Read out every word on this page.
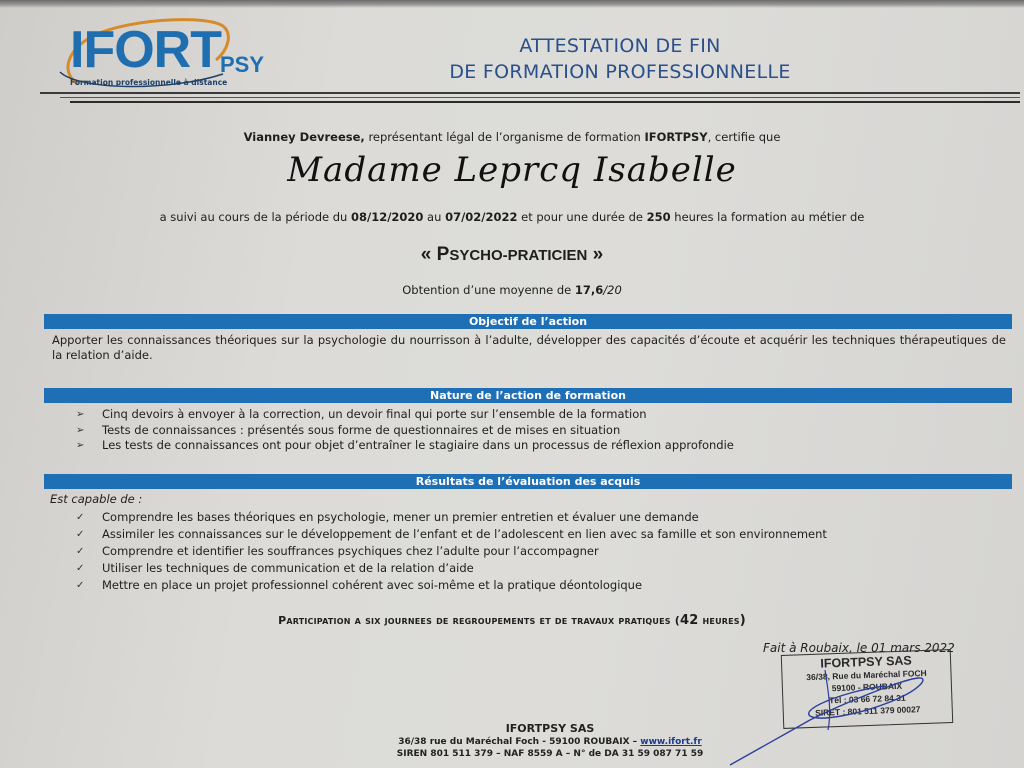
IFORT PSY
Formation professionnelle à distance
ATTESTATION DE FIN
DE FORMATION PROFESSIONNELLE
Vianney Devreese, représentant légal de l’organisme de formation IFORTPSY, certifie que
Madame Leprcq Isabelle
a suivi au cours de la période du 08/12/2020 au 07/02/2022 et pour une durée de 250 heures la formation au métier de
« PSYCHO-PRATICIEN »
Obtention d’une moyenne de 17,6/20
Objectif de l’action
Apporter les connaissances théoriques sur la psychologie du nourrisson à l’adulte, développer des capacités d’écoute et acquérir les techniques thérapeutiques de la relation d’aide.
Nature de l’action de formation
➢ Cinq devoirs à envoyer à la correction, un devoir final qui porte sur l’ensemble de la formation
➢ Tests de connaissances : présentés sous forme de questionnaires et de mises en situation
➢ Les tests de connaissances ont pour objet d’entraîner le stagiaire dans un processus de réflexion approfondie
Résultats de l’évaluation des acquis
Est capable de :
✓ Comprendre les bases théoriques en psychologie, mener un premier entretien et évaluer une demande
✓ Assimiler les connaissances sur le développement de l’enfant et de l’adolescent en lien avec sa famille et son environnement
✓ Comprendre et identifier les souffrances psychiques chez l’adulte pour l’accompagner
✓ Utiliser les techniques de communication et de la relation d’aide
✓ Mettre en place un projet professionnel cohérent avec soi-même et la pratique déontologique
Participation a six journees de regroupements et de travaux pratiques (42 heures)
Fait à Roubaix, le 01 mars 2022
IFORTPSY SAS
36/38, Rue du Maréchal FOCH
59100 - ROUBAIX
Tél : 03 66 72 84 31
SIRET : 801 511 379 00027
IFORTPSY SAS
36/38 rue du Maréchal Foch - 59100 ROUBAIX – www.ifort.fr
SIREN 801 511 379 – NAF 8559 A – N° de DA 31 59 087 71 59
